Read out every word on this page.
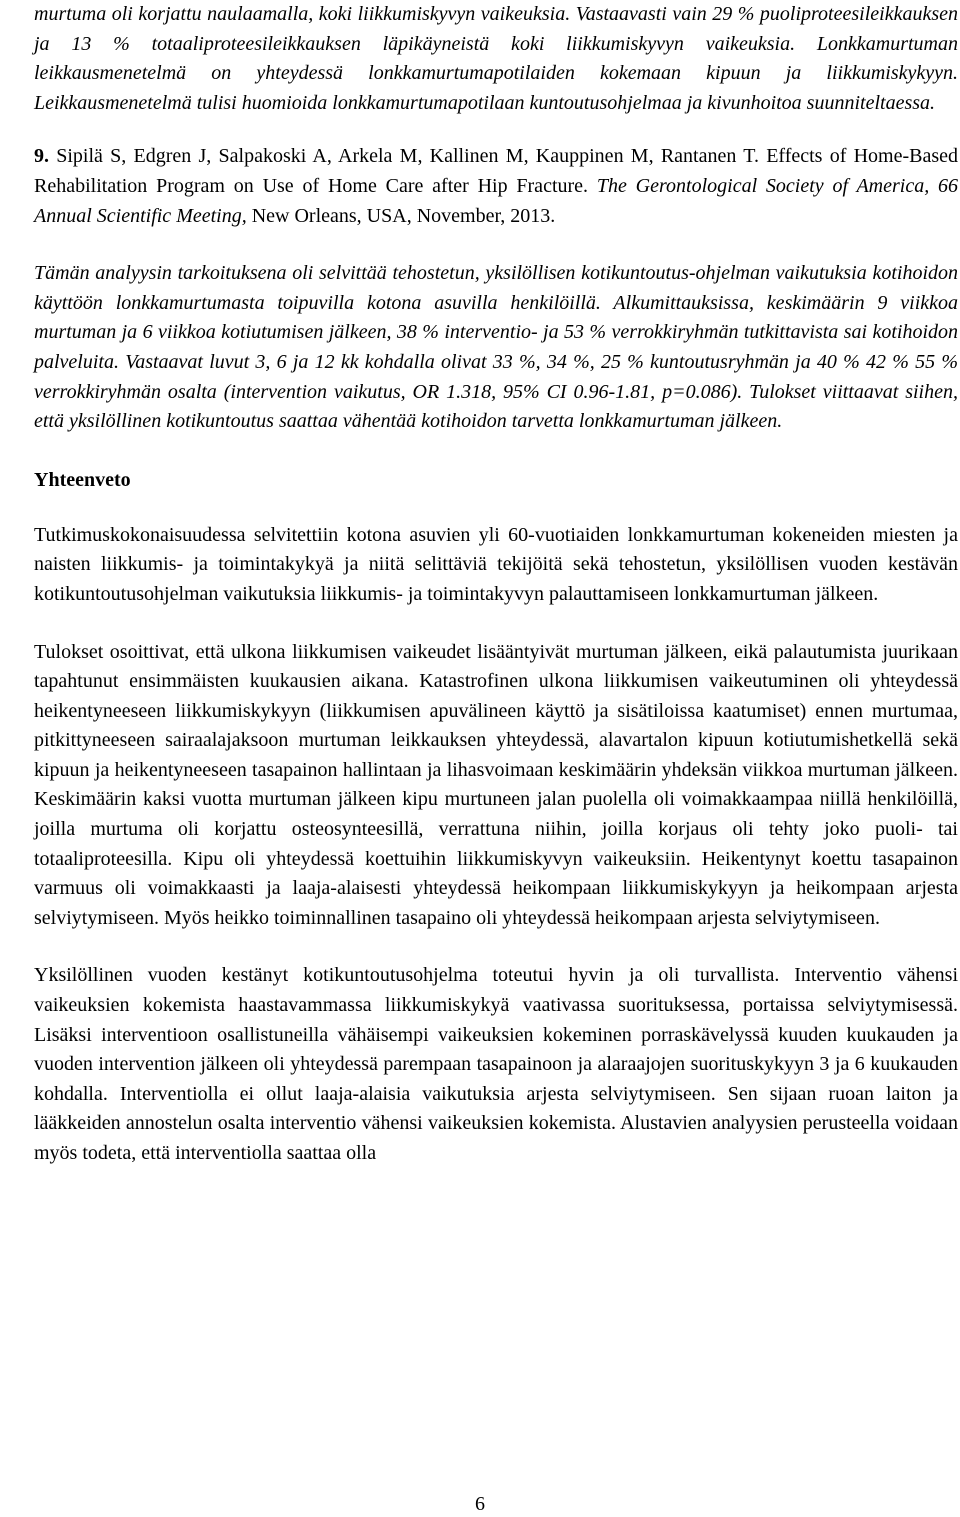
murtuma oli korjattu naulaamalla, koki liikkumiskyvyn vaikeuksia. Vastaavasti vain 29 % puoliproteesileikkauksen ja 13 % totaaliproteesileikkauksen läpikäyneistä koki liikkumiskyvyn vaikeuksia. Lonkkamurtuman leikkausmenetelmä on yhteydessä lonkkamurtumapotilaiden kokemaan kipuun ja liikkumiskykyyn. Leikkausmenetelmä tulisi huomioida lonkkamurtumapotilaan kuntoutusohjelmaa ja kivunhoitoa suunniteltaessa.

9. Sipilä S, Edgren J, Salpakoski A, Arkela M, Kallinen M, Kauppinen M, Rantanen T. Effects of Home-Based Rehabilitation Program on Use of Home Care after Hip Fracture. The Gerontological Society of America, 66 Annual Scientific Meeting, New Orleans, USA, November, 2013.

Tämän analyysin tarkoituksena oli selvittää tehostetun, yksilöllisen kotikuntoutus-ohjelman vaikutuksia kotihoidon käyttöön lonkkamurtumasta toipuvilla kotona asuvilla henkilöillä. Alkumittauksissa, keskimäärin 9 viikkoa murtuman ja 6 viikkoa kotiutumisen jälkeen, 38 % interventio- ja 53 % verrokkiryhmän tutkittavista sai kotihoidon palveluita. Vastaavat luvut 3, 6 ja 12 kk kohdalla olivat 33 %, 34 %, 25 % kuntoutusryhmän ja 40 % 42 % 55 % verrokkiryhmän osalta (intervention vaikutus, OR 1.318, 95% CI 0.96-1.81, p=0.086). Tulokset viittaavat siihen, että yksilöllinen kotikuntoutus saattaa vähentää kotihoidon tarvetta lonkkamurtuman jälkeen.

Yhteenveto

Tutkimuskokonaisuudessa selvitettiin kotona asuvien yli 60-vuotiaiden lonkkamurtuman kokeneiden miesten ja naisten liikkumis- ja toimintakykyä ja niitä selittäviä tekijöitä sekä tehostetun, yksilöllisen vuoden kestävän kotikuntoutusohjelman vaikutuksia liikkumis- ja toimintakyvyn palauttamiseen lonkkamurtuman jälkeen.

Tulokset osoittivat, että ulkona liikkumisen vaikeudet lisääntyivät murtuman jälkeen, eikä palautumista juurikaan tapahtunut ensimmäisten kuukausien aikana. Katastrofinen ulkona liikkumisen vaikeutuminen oli yhteydessä heikentyneeseen liikkumiskykyyn (liikkumisen apuvälineen käyttö ja sisätiloissa kaatumiset) ennen murtumaa, pitkittyneeseen sairaalajaksoon murtuman leikkauksen yhteydessä, alavartalon kipuun kotiutumishetkellä sekä kipuun ja heikentyneeseen tasapainon hallintaan ja lihasvoimaan keskimäärin yhdeksän viikkoa murtuman jälkeen. Keskimäärin kaksi vuotta murtuman jälkeen kipu murtuneen jalan puolella oli voimakkaampaa niillä henkilöillä, joilla murtuma oli korjattu osteosynteesillä, verrattuna niihin, joilla korjaus oli tehty joko puoli- tai totaaliproteesilla. Kipu oli yhteydessä koettuihin liikkumiskyvyn vaikeuksiin. Heikentynyt koettu tasapainon varmuus oli voimakkaasti ja laaja-alaisesti yhteydessä heikompaan liikkumiskykyyn ja heikompaan arjesta selviytymiseen. Myös heikko toiminnallinen tasapaino oli yhteydessä heikompaan arjesta selviytymiseen.

Yksilöllinen vuoden kestänyt kotikuntoutusohjelma toteutui hyvin ja oli turvallista. Interventio vähensi vaikeuksien kokemista haastavammassa liikkumiskykyä vaativassa suorituksessa, portaissa selviytymisessä. Lisäksi interventioon osallistuneilla vähäisempi vaikeuksien kokeminen porraskävelyssä kuuden kuukauden ja vuoden intervention jälkeen oli yhteydessä parempaan tasapainoon ja alaraajojen suorituskykyyn 3 ja 6 kuukauden kohdalla. Interventiolla ei ollut laaja-alaisia vaikutuksia arjesta selviytymiseen. Sen sijaan ruoan laiton ja lääkkeiden annostelun osalta interventio vähensi vaikeuksien kokemista. Alustavien analyysien perusteella voidaan myös todeta, että interventiolla saattaa olla

6
